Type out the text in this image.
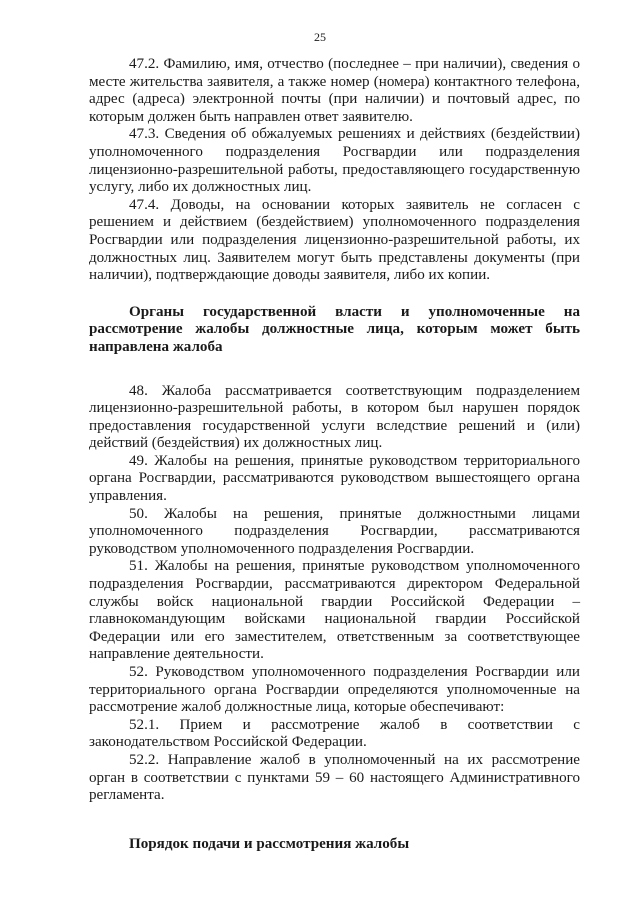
25

47.2. Фамилию, имя, отчество (последнее – при наличии), сведения о месте жительства заявителя, а также номер (номера) контактного телефона, адрес (адреса) электронной почты (при наличии) и почтовый адрес, по которым должен быть направлен ответ заявителю.

47.3. Сведения об обжалуемых решениях и действиях (бездействии) уполномоченного подразделения Росгвардии или подразделения лицензионно-разрешительной работы, предоставляющего государственную услугу, либо их должностных лиц.

47.4. Доводы, на основании которых заявитель не согласен с решением и действием (бездействием) уполномоченного подразделения Росгвардии или подразделения лицензионно-разрешительной работы, их должностных лиц. Заявителем могут быть представлены документы (при наличии), подтверждающие доводы заявителя, либо их копии.

Органы государственной власти и уполномоченные на рассмотрение жалобы должностные лица, которым может быть направлена жалоба

48. Жалоба рассматривается соответствующим подразделением лицензионно-разрешительной работы, в котором был нарушен порядок предоставления государственной услуги вследствие решений и (или) действий (бездействия) их должностных лиц.

49. Жалобы на решения, принятые руководством территориального органа Росгвардии, рассматриваются руководством вышестоящего органа управления.

50. Жалобы на решения, принятые должностными лицами уполномоченного подразделения Росгвардии, рассматриваются руководством уполномоченного подразделения Росгвардии.

51. Жалобы на решения, принятые руководством уполномоченного подразделения Росгвардии, рассматриваются директором Федеральной службы войск национальной гвардии Российской Федерации – главнокомандующим войсками национальной гвардии Российской Федерации или его заместителем, ответственным за соответствующее направление деятельности.

52. Руководством уполномоченного подразделения Росгвардии или территориального органа Росгвардии определяются уполномоченные на рассмотрение жалоб должностные лица, которые обеспечивают:

52.1. Прием и рассмотрение жалоб в соответствии с законодательством Российской Федерации.

52.2. Направление жалоб в уполномоченный на их рассмотрение орган в соответствии с пунктами 59 – 60 настоящего Административного регламента.

Порядок подачи и рассмотрения жалобы
